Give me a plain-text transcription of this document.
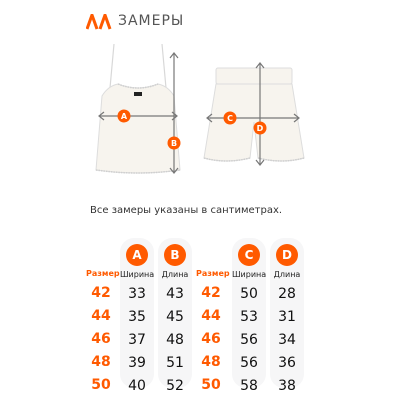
ЗАМЕРЫ
A
B
C
D
Все замеры указаны в сантиметрах.
Размер
42
44
46
48
50
A
Ширина
33
35
37
39
40
B
Длина
43
45
48
51
52
Размер
42
44
46
48
50
C
Ширина
50
53
56
56
58
D
Длина
28
31
34
36
38
